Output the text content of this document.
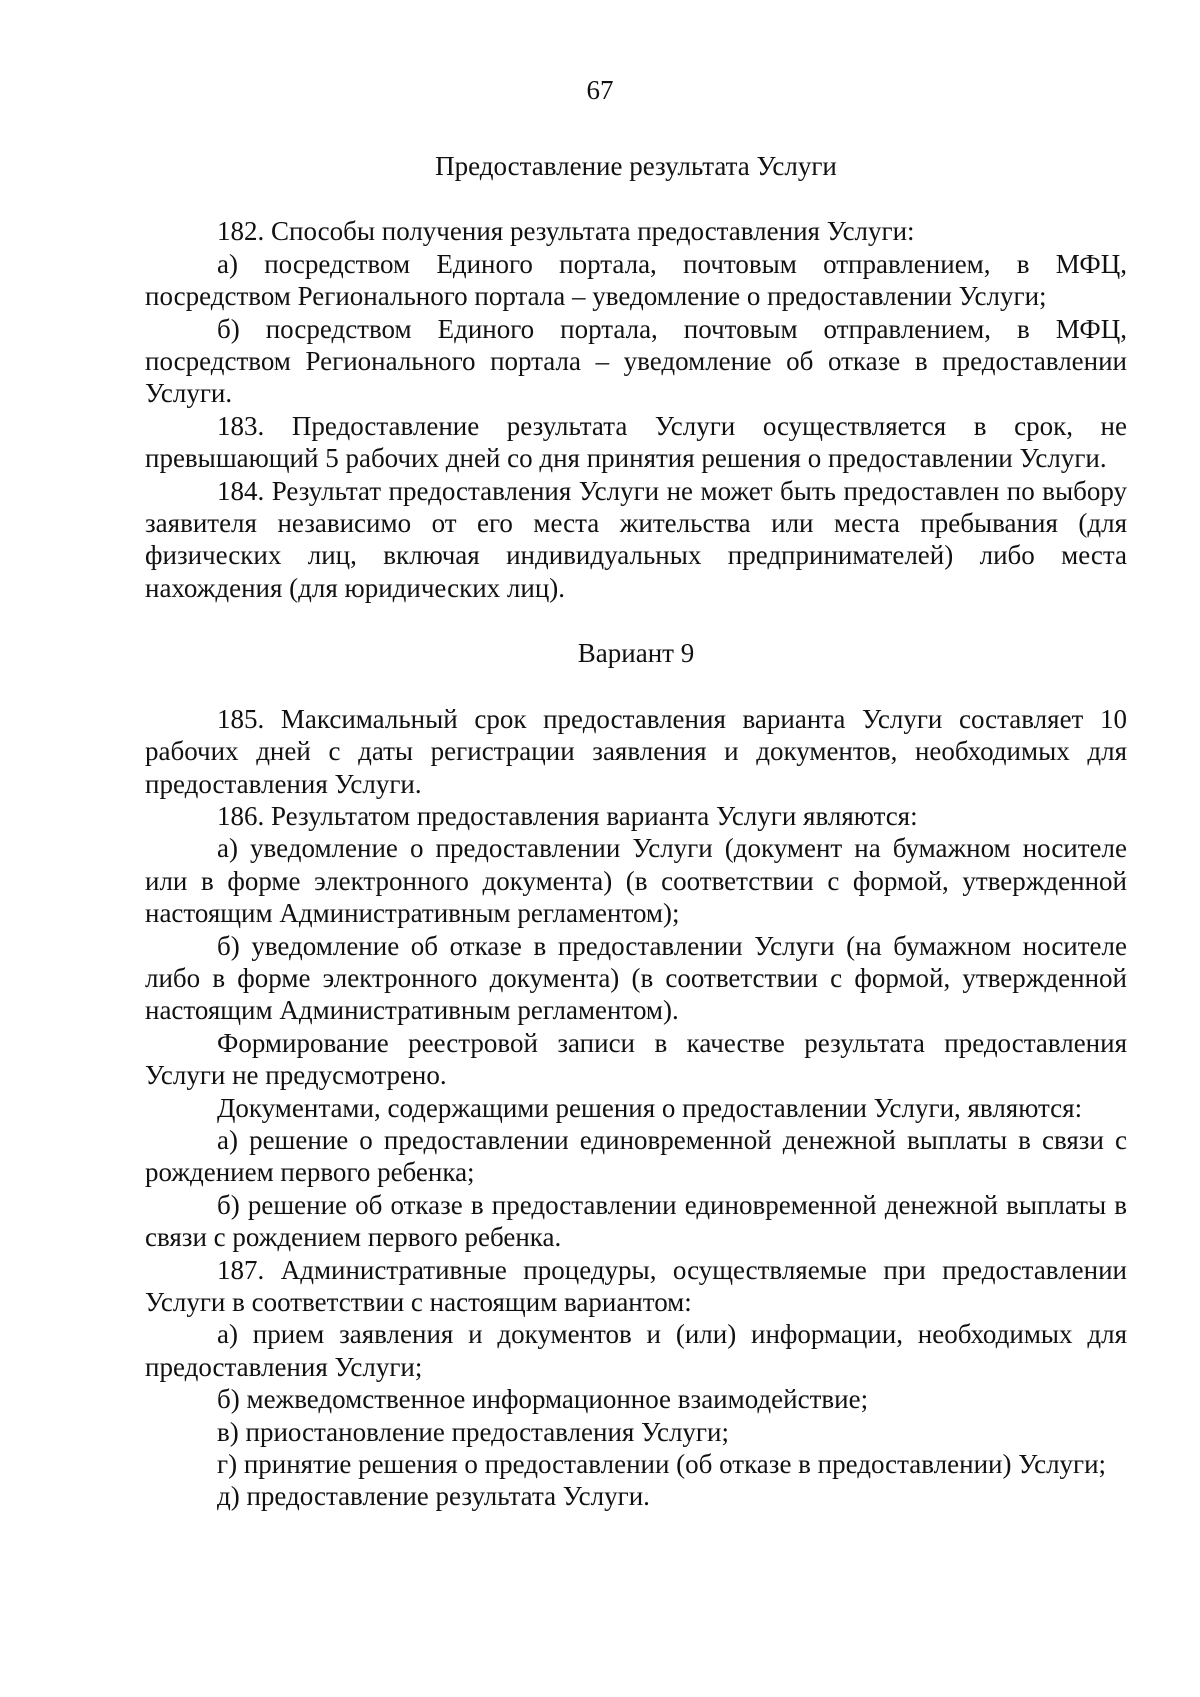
67
Предоставление результата Услуги

182. Способы получения результата предоставления Услуги:

а) посредством Единого портала, почтовым отправлением, в МФЦ, посредством Регионального портала – уведомление о предоставлении Услуги;

б) посредством Единого портала, почтовым отправлением, в МФЦ, посредством Регионального портала – уведомление об отказе в предоставлении Услуги.

183. Предоставление результата Услуги осуществляется в срок, не превышающий 5 рабочих дней со дня принятия решения о предоставлении Услуги.

184. Результат предоставления Услуги не может быть предоставлен по выбору заявителя независимо от его места жительства или места пребывания (для физических лиц, включая индивидуальных предпринимателей) либо места нахождения (для юридических лиц).

Вариант 9

185. Максимальный срок предоставления варианта Услуги составляет 10 рабочих дней с даты регистрации заявления и документов, необходимых для предоставления Услуги.

186. Результатом предоставления варианта Услуги являются:

а) уведомление о предоставлении Услуги (документ на бумажном носителе или в форме электронного документа) (в соответствии с формой, утвержденной настоящим Административным регламентом);

б) уведомление об отказе в предоставлении Услуги (на бумажном носителе либо в форме электронного документа) (в соответствии с формой, утвержденной настоящим Административным регламентом).

Формирование реестровой записи в качестве результата предоставления Услуги не предусмотрено.

Документами, содержащими решения о предоставлении Услуги, являются:

а) решение о предоставлении единовременной денежной выплаты в связи с рождением первого ребенка;

б) решение об отказе в предоставлении единовременной денежной выплаты в связи с рождением первого ребенка.

187. Административные процедуры, осуществляемые при предоставлении Услуги в соответствии с настоящим вариантом:

а) прием заявления и документов и (или) информации, необходимых для предоставления Услуги;

б) межведомственное информационное взаимодействие;

в) приостановление предоставления Услуги;

г) принятие решения о предоставлении (об отказе в предоставлении) Услуги;

д) предоставление результата Услуги.
